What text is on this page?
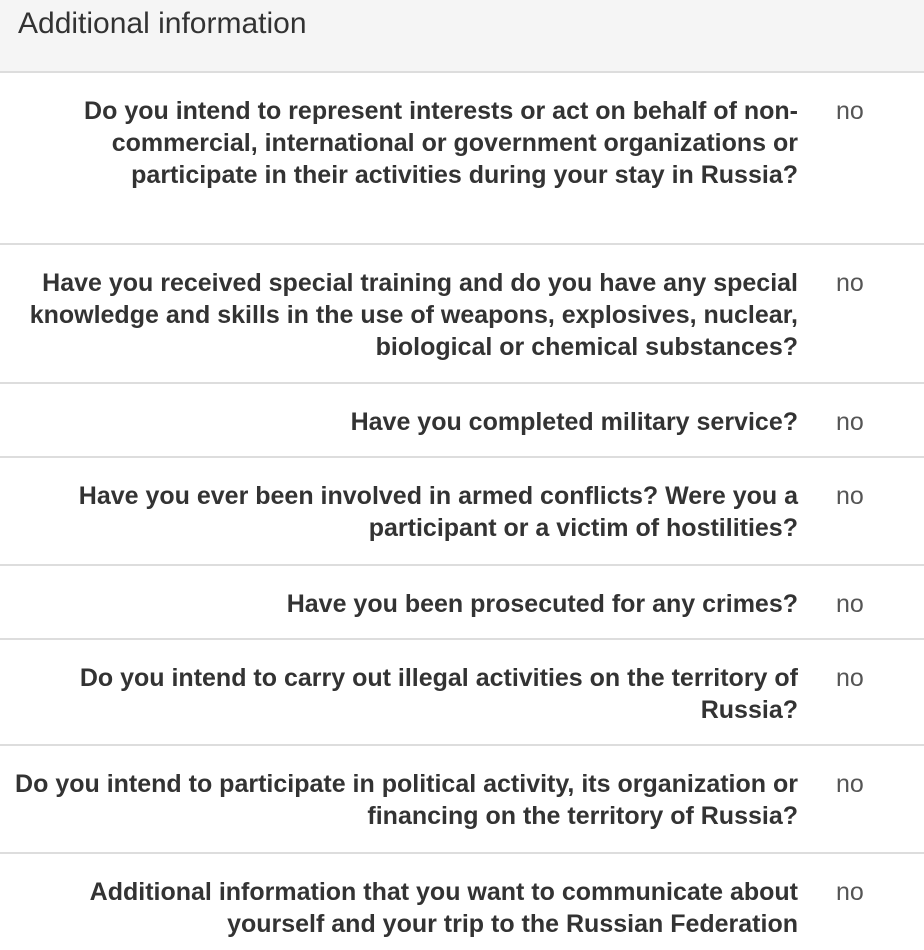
Additional information
Do you intend to represent interests or act on behalf of non-commercial, international or government organizations or participate in their activities during your stay in Russia?
no
Have you received special training and do you have any special knowledge and skills in the use of weapons, explosives, nuclear, biological or chemical substances?
no
Have you completed military service?	no
Have you ever been involved in armed conflicts? Were you a participant or a victim of hostilities?
no
Have you been prosecuted for any crimes?	no
Do you intend to carry out illegal activities on the territory of Russia?
no
Do you intend to participate in political activity, its organization or financing on the territory of Russia?
no
Additional information that you want to communicate about yourself and your trip to the Russian Federation
no
